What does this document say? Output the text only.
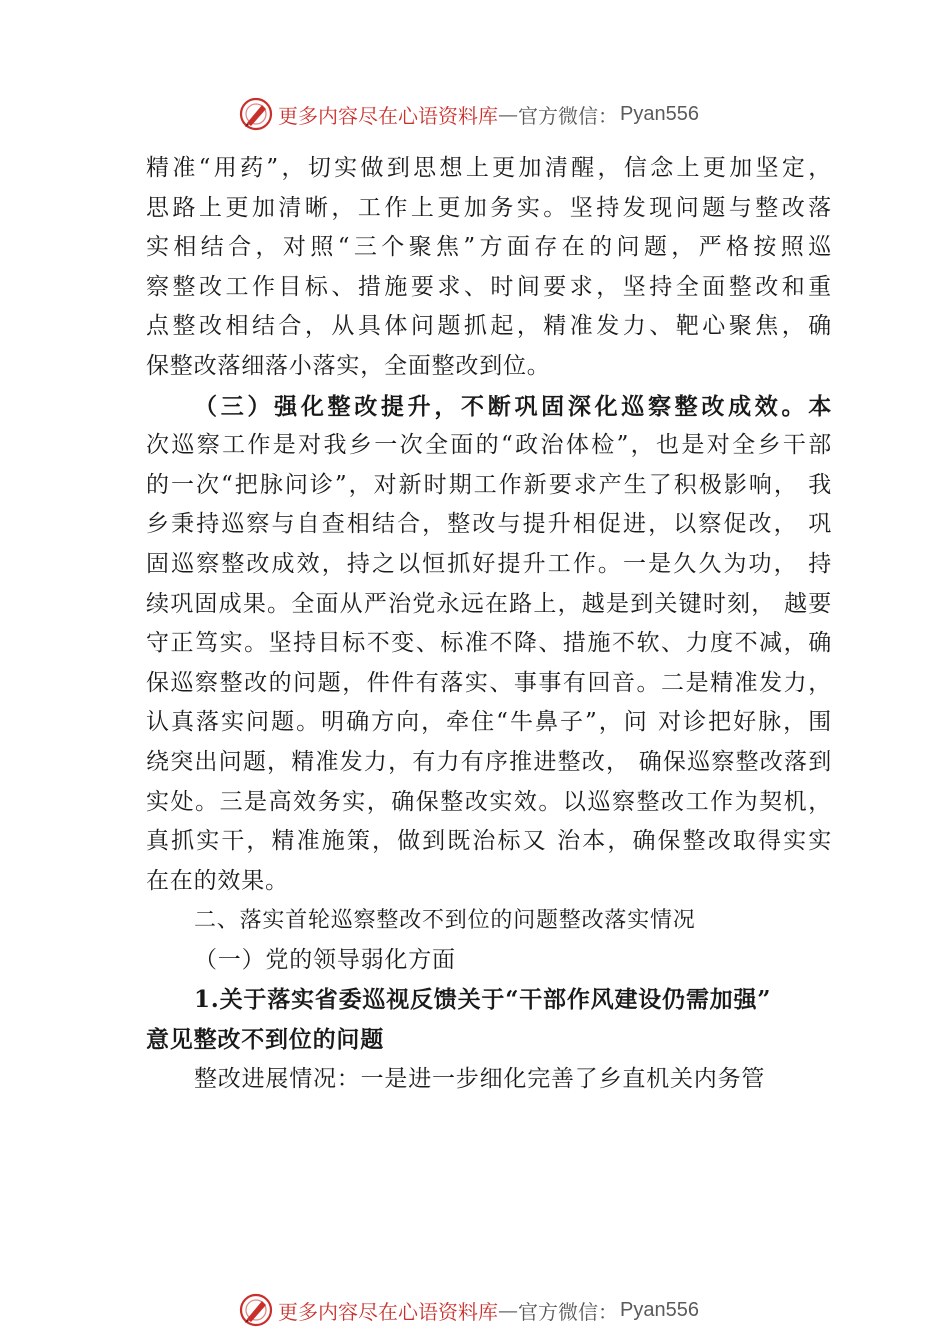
更多内容尽在心语资料库 — 官方微信： Pyan556
精准“用药”，切实做到思想上更加清醒，信念上更加坚定，
思路上更加清晰，工作上更加务实。坚持发现问题与整改落
实相结合，对照“三个聚焦”方面存在的问题，严格按照巡
察整改工作目标、措施要求、时间要求，坚持全面整改和重
点整改相结合，从具体问题抓起，精准发力、靶心聚焦，确
保整改落细落小落实，全面整改到位。
（三）强化整改提升，不断巩固深化巡察整改成效。本
次巡察工作是对我乡一次全面的“政治体检”，也是对全乡干部
的一次“把脉问诊”，对新时期工作新要求产生了积极影响， 我
乡秉持巡察与自查相结合，整改与提升相促进，以察促改， 巩
固巡察整改成效，持之以恒抓好提升工作。一是久久为功， 持
续巩固成果。全面从严治党永远在路上，越是到关键时刻， 越要
守正笃实。坚持目标不变、标准不降、措施不软、力度不减，确
保巡察整改的问题，件件有落实、事事有回音。二是精准发力，
认真落实问题。明确方向，牵住“牛鼻子”，问 对诊把好脉，围
绕突出问题，精准发力，有力有序推进整改， 确保巡察整改落到
实处。三是高效务实，确保整改实效。以巡察整改工作为契机，
真抓实干，精准施策，做到既治标又 治本，确保整改取得实实
在在的效果。
二、落实首轮巡察整改不到位的问题整改落实情况
（一）党的领导弱化方面
1.关于落实省委巡视反馈关于“干部作风建设仍需加强”
意见整改不到位的问题
整改进展情况：一是进一步细化完善了乡直机关内务管
更多内容尽在心语资料库 — 官方微信： Pyan556
